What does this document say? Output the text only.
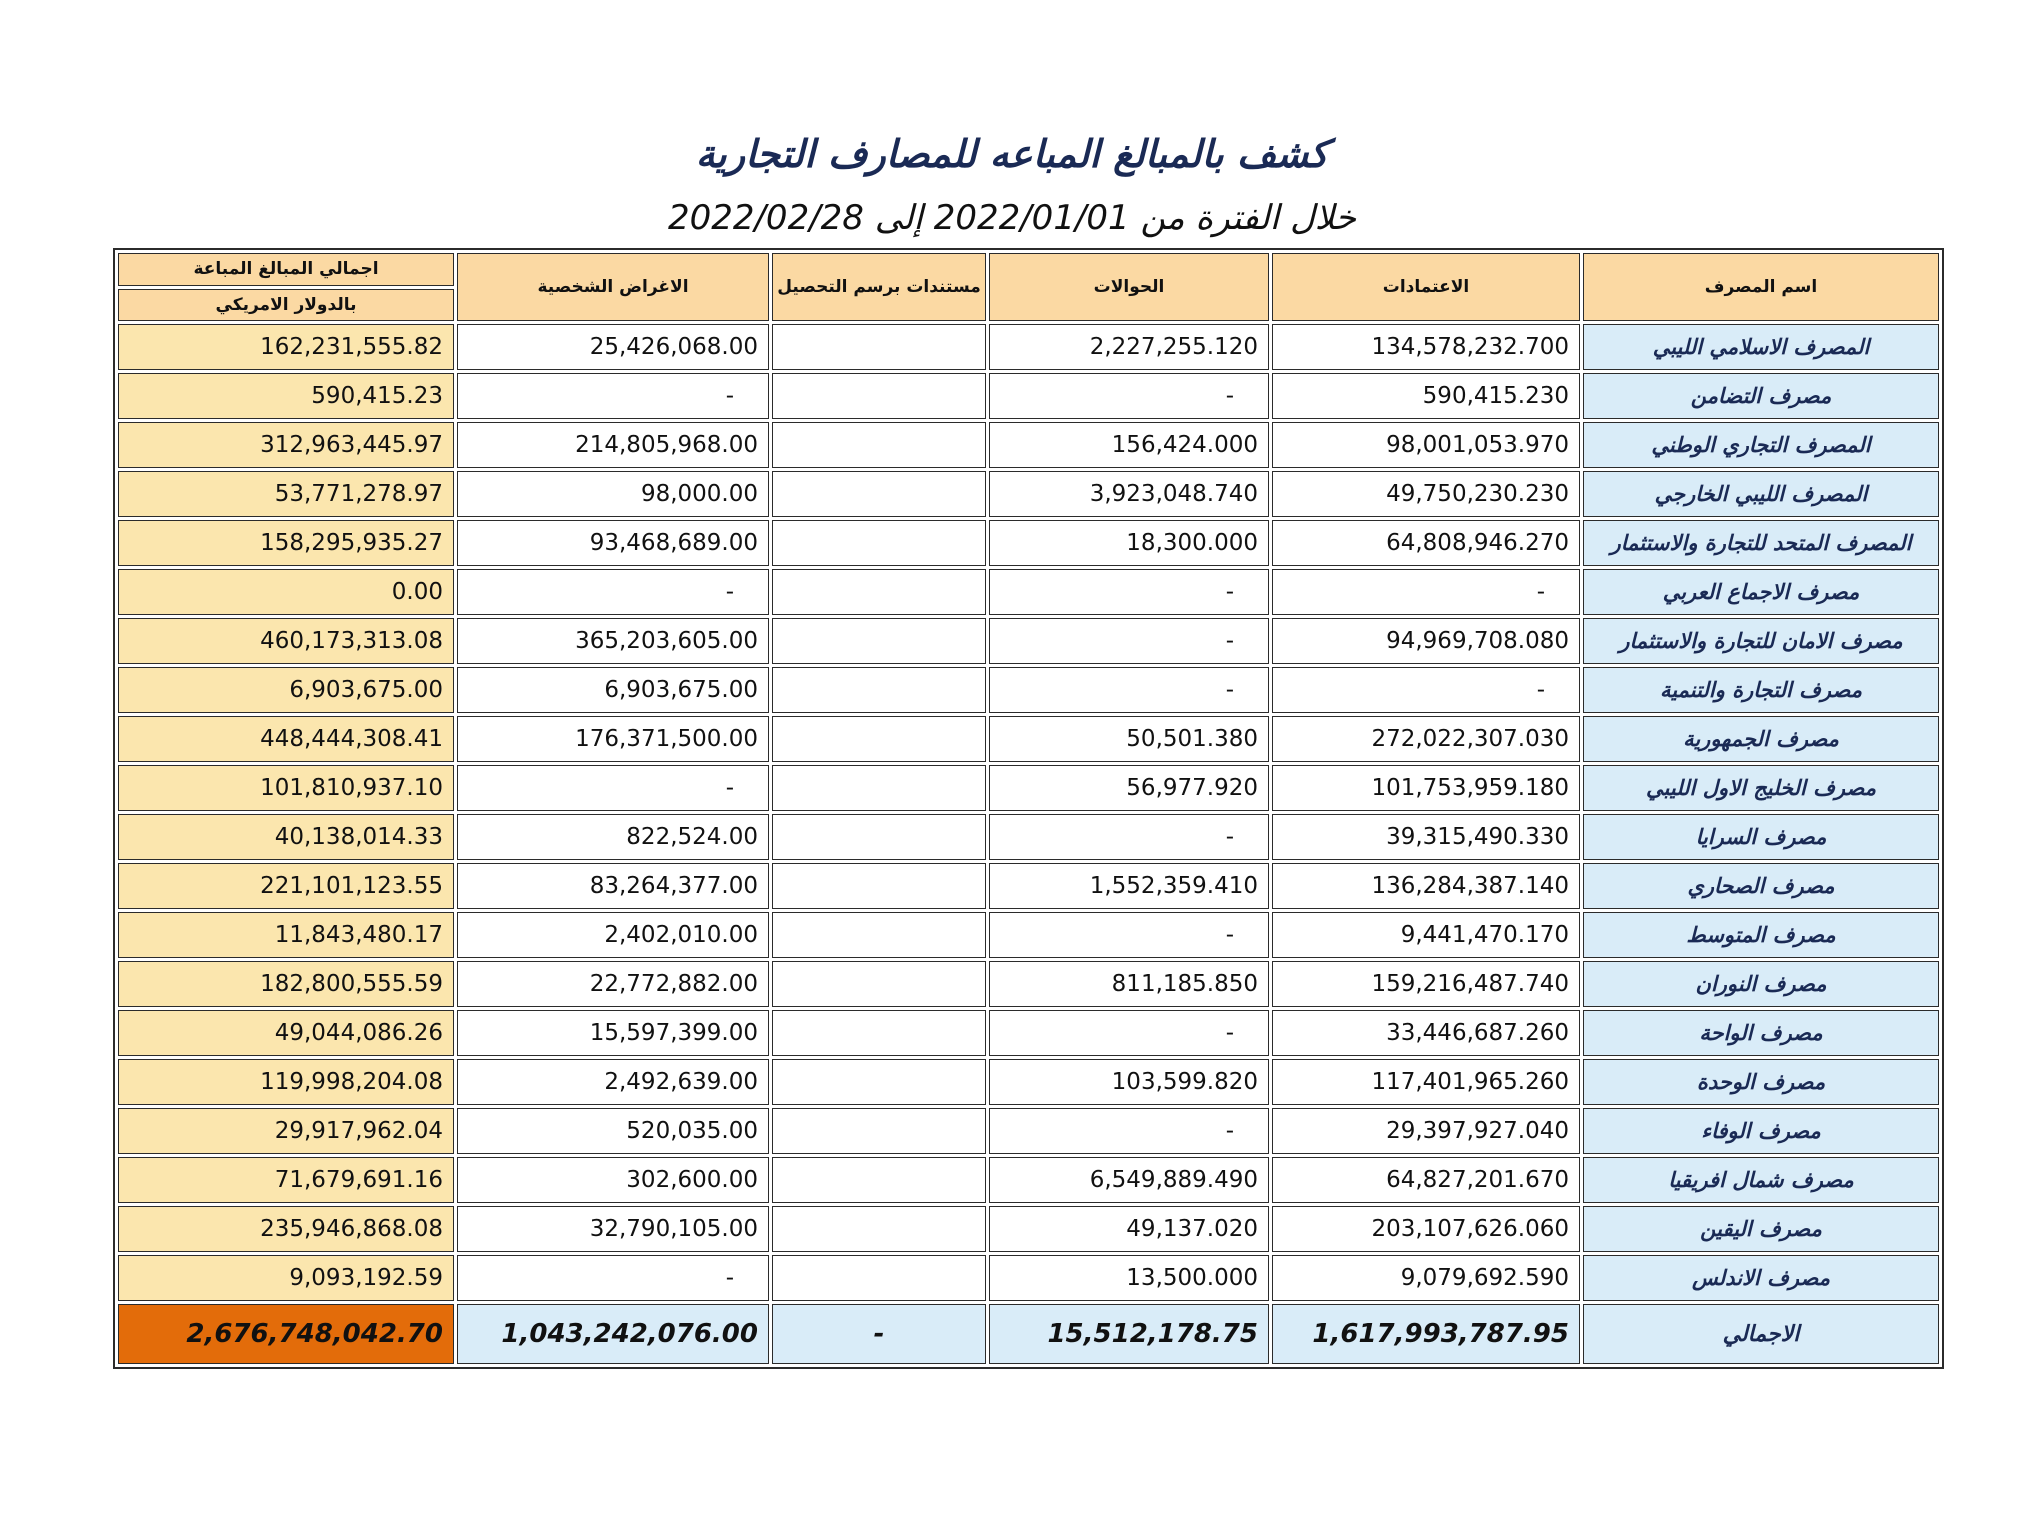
كشف بالمبالغ المباعه للمصارف التجارية
خلال الفترة من 2022/01/01 إلى 2022/02/28
اجمالي المبالغ المباعة	الاغراض الشخصية	مستندات برسم التحصيل	الحوالات	الاعتمادات	اسم المصرف
بالدولار الامريكي					
162,231,555.82	25,426,068.00		2,227,255.120	134,578,232.700	المصرف الاسلامي الليبي
590,415.23	-		-	590,415.230	مصرف التضامن
312,963,445.97	214,805,968.00		156,424.000	98,001,053.970	المصرف التجاري الوطني
53,771,278.97	98,000.00		3,923,048.740	49,750,230.230	المصرف الليبي الخارجي
158,295,935.27	93,468,689.00		18,300.000	64,808,946.270	المصرف المتحد للتجارة والاستثمار
0.00	-		-	-	مصرف الاجماع العربي
460,173,313.08	365,203,605.00		-	94,969,708.080	مصرف الامان للتجارة والاستثمار
6,903,675.00	6,903,675.00		-	-	مصرف التجارة والتنمية
448,444,308.41	176,371,500.00		50,501.380	272,022,307.030	مصرف الجمهورية
101,810,937.10	-		56,977.920	101,753,959.180	مصرف الخليج الاول الليبي
40,138,014.33	822,524.00		-	39,315,490.330	مصرف السرايا
221,101,123.55	83,264,377.00		1,552,359.410	136,284,387.140	مصرف الصحاري
11,843,480.17	2,402,010.00		-	9,441,470.170	مصرف المتوسط
182,800,555.59	22,772,882.00		811,185.850	159,216,487.740	مصرف النوران
49,044,086.26	15,597,399.00		-	33,446,687.260	مصرف الواحة
119,998,204.08	2,492,639.00		103,599.820	117,401,965.260	مصرف الوحدة
29,917,962.04	520,035.00		-	29,397,927.040	مصرف الوفاء
71,679,691.16	302,600.00		6,549,889.490	64,827,201.670	مصرف شمال افريقيا
235,946,868.08	32,790,105.00		49,137.020	203,107,626.060	مصرف اليقين
9,093,192.59	-		13,500.000	9,079,692.590	مصرف الاندلس
2,676,748,042.70	1,043,242,076.00	-	15,512,178.75	1,617,993,787.95	الاجمالي
